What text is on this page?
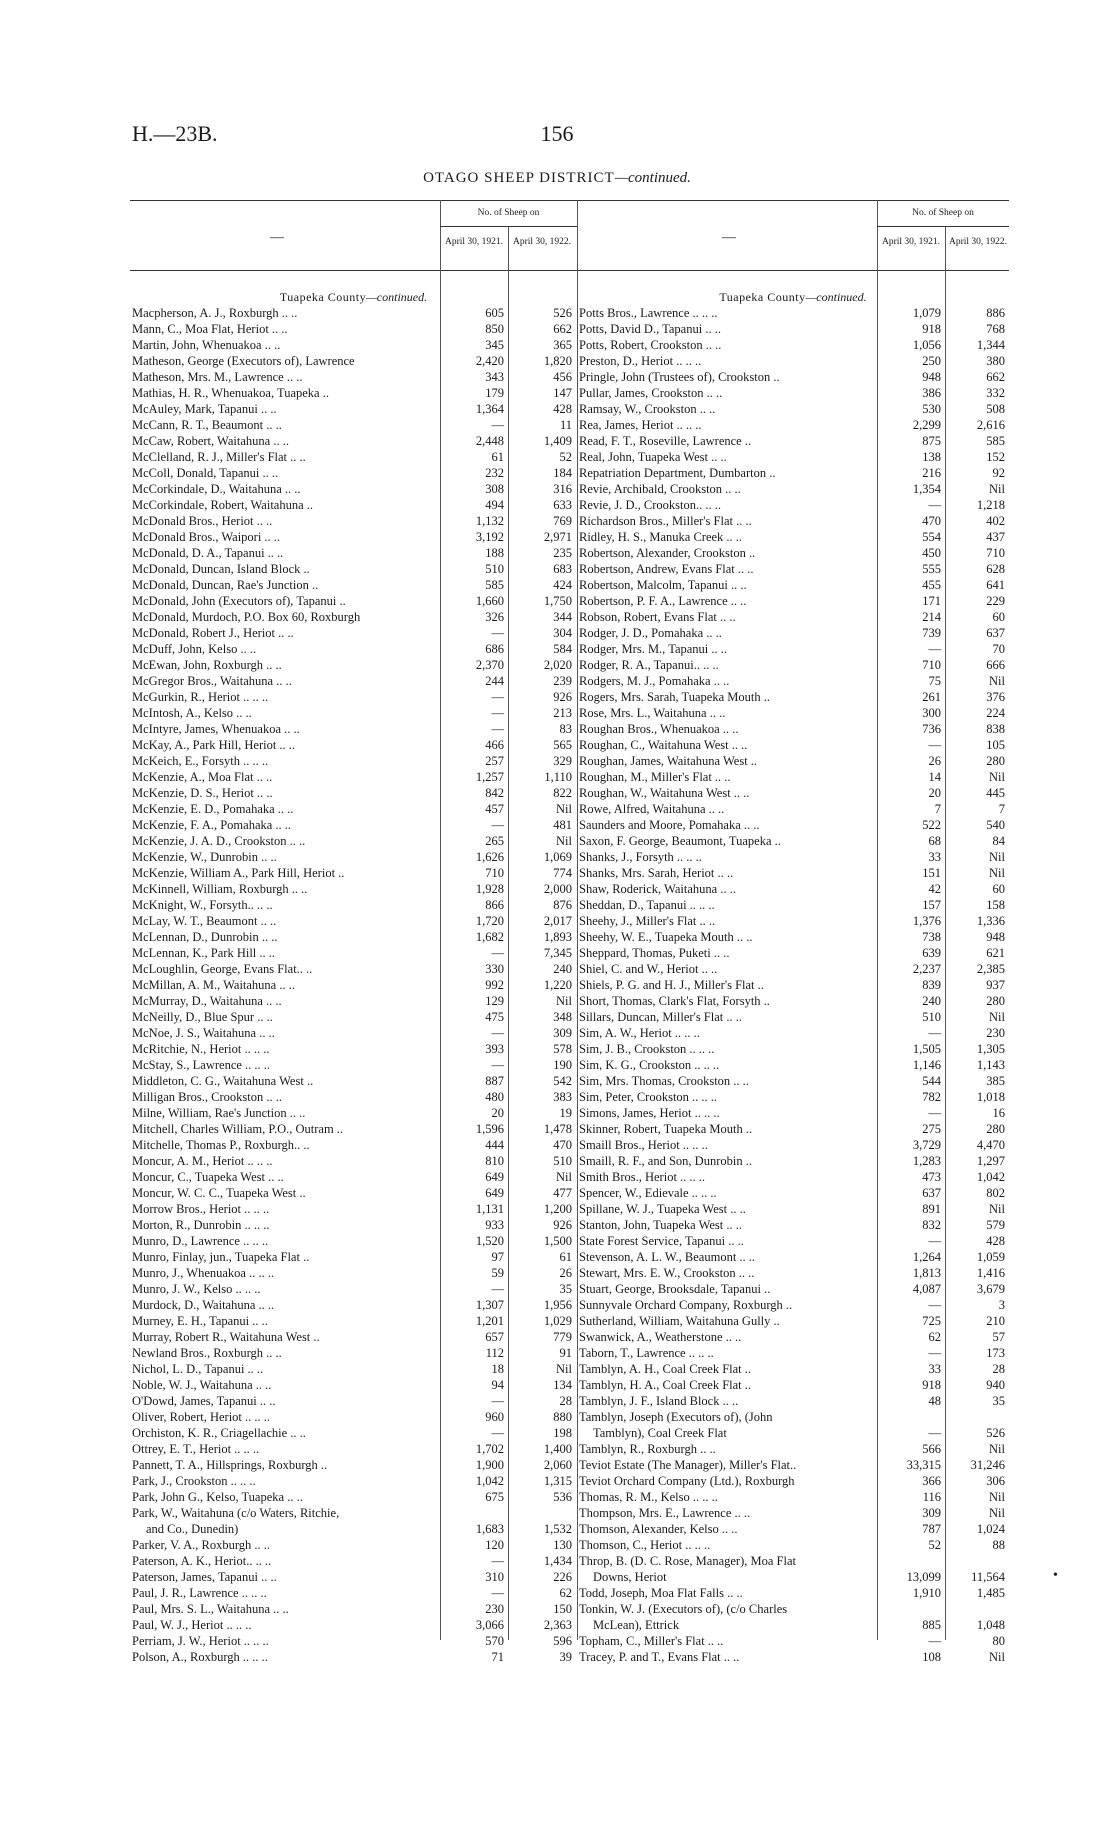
H.—23B.	156
OTAGO SHEEP DISTRICT—continued.
—
No. of Sheep on
April 30, 1921.	April 30, 1922.
Tuapeka County—continued.
Macpherson, A. J., Roxburgh .. ..	605	526
Mann, C., Moa Flat, Heriot .. ..	850	662
Martin, John, Whenuakoa .. ..	345	365
Matheson, George (Executors of), Lawrence	2,420	1,820
Matheson, Mrs. M., Lawrence .. ..	343	456
Mathias, H. R., Whenuakoa, Tuapeka ..	179	147
McAuley, Mark, Tapanui .. ..	1,364	428
McCann, R. T., Beaumont .. ..	—	11
McCaw, Robert, Waitahuna .. ..	2,448	1,409
McClelland, R. J., Miller's Flat .. ..	61	52
McColl, Donald, Tapanui .. ..	232	184
McCorkindale, D., Waitahuna .. ..	308	316
McCorkindale, Robert, Waitahuna ..	494	633
McDonald Bros., Heriot .. ..	1,132	769
McDonald Bros., Waipori .. ..	3,192	2,971
McDonald, D. A., Tapanui .. ..	188	235
McDonald, Duncan, Island Block ..	510	683
McDonald, Duncan, Rae's Junction ..	585	424
McDonald, John (Executors of), Tapanui ..	1,660	1,750
McDonald, Murdoch, P.O. Box 60, Roxburgh	326	344
McDonald, Robert J., Heriot .. ..	—	304
McDuff, John, Kelso .. ..	686	584
McEwan, John, Roxburgh .. ..	2,370	2,020
McGregor Bros., Waitahuna .. ..	244	239
McGurkin, R., Heriot .. .. ..	—	926
McIntosh, A., Kelso .. ..	—	213
McIntyre, James, Whenuakoa .. ..	—	83
McKay, A., Park Hill, Heriot .. ..	466	565
McKeich, E., Forsyth .. .. ..	257	329
McKenzie, A., Moa Flat .. ..	1,257	1,110
McKenzie, D. S., Heriot .. ..	842	822
McKenzie, E. D., Pomahaka .. ..	457	Nil
McKenzie, F. A., Pomahaka .. ..	—	481
McKenzie, J. A. D., Crookston .. ..	265	Nil
McKenzie, W., Dunrobin .. ..	1,626	1,069
McKenzie, William A., Park Hill, Heriot ..	710	774
McKinnell, William, Roxburgh .. ..	1,928	2,000
McKnight, W., Forsyth.. .. ..	866	876
McLay, W. T., Beaumont .. ..	1,720	2,017
McLennan, D., Dunrobin .. ..	1,682	1,893
McLennan, K., Park Hill .. ..	—	7,345
McLoughlin, George, Evans Flat.. ..	330	240
McMillan, A. M., Waitahuna .. ..	992	1,220
McMurray, D., Waitahuna .. ..	129	Nil
McNeilly, D., Blue Spur .. ..	475	348
McNoe, J. S., Waitahuna .. ..	—	309
McRitchie, N., Heriot .. .. ..	393	578
McStay, S., Lawrence .. .. ..	—	190
Middleton, C. G., Waitahuna West ..	887	542
Milligan Bros., Crookston .. ..	480	383
Milne, William, Rae's Junction .. ..	20	19
Mitchell, Charles William, P.O., Outram ..	1,596	1,478
Mitchelle, Thomas P., Roxburgh.. ..	444	470
Moncur, A. M., Heriot .. .. ..	810	510
Moncur, C., Tuapeka West .. ..	649	Nil
Moncur, W. C. C., Tuapeka West ..	649	477
Morrow Bros., Heriot .. .. ..	1,131	1,200
Morton, R., Dunrobin .. .. ..	933	926
Munro, D., Lawrence .. .. ..	1,520	1,500
Munro, Finlay, jun., Tuapeka Flat ..	97	61
Munro, J., Whenuakoa .. .. ..	59	26
Munro, J. W., Kelso .. .. ..	—	35
Murdock, D., Waitahuna .. ..	1,307	1,956
Murney, E. H., Tapanui .. ..	1,201	1,029
Murray, Robert R., Waitahuna West ..	657	779
Newland Bros., Roxburgh .. ..	112	91
Nichol, L. D., Tapanui .. ..	18	Nil
Noble, W. J., Waitahuna .. ..	94	134
O'Dowd, James, Tapanui .. ..	—	28
Oliver, Robert, Heriot .. .. ..	960	880
Orchiston, K. R., Criagellachie .. ..	—	198
Ottrey, E. T., Heriot .. .. ..	1,702	1,400
Pannett, T. A., Hillsprings, Roxburgh ..	1,900	2,060
Park, J., Crookston .. .. ..	1,042	1,315
Park, John G., Kelso, Tuapeka .. ..	675	536
Park, W., Waitahuna (c/o Waters, Ritchie,
and Co., Dunedin)	1,683	1,532
Parker, V. A., Roxburgh .. ..	120	130
Paterson, A. K., Heriot.. .. ..	—	1,434
Paterson, James, Tapanui .. ..	310	226
Paul, J. R., Lawrence .. .. ..	—	62
Paul, Mrs. S. L., Waitahuna .. ..	230	150
Paul, W. J., Heriot .. .. ..	3,066	2,363
Perriam, J. W., Heriot .. .. ..	570	596
Polson, A., Roxburgh .. .. ..	71	39
—
No. of Sheep on
April 30, 1921. April 30, 1922.
Tuapeka County—continued.
Potts Bros., Lawrence .. .. ..	1,079	886
Potts, David D., Tapanui .. ..	918	768
Potts, Robert, Crookston .. ..	1,056	1,344
Preston, D., Heriot .. .. ..	250	380
Pringle, John (Trustees of), Crookston ..	948	662
Pullar, James, Crookston .. ..	386	332
Ramsay, W., Crookston .. ..	530	508
Rea, James, Heriot .. .. ..	2,299	2,616
Read, F. T., Roseville, Lawrence ..	875	585
Real, John, Tuapeka West .. ..	138	152
Repatriation Department, Dumbarton ..	216	92
Revie, Archibald, Crookston .. ..	1,354	Nil
Revie, J. D., Crookston.. .. ..	—	1,218
Richardson Bros., Miller's Flat .. ..	470	402
Ridley, H. S., Manuka Creek .. ..	554	437
Robertson, Alexander, Crookston ..	450	710
Robertson, Andrew, Evans Flat .. ..	555	628
Robertson, Malcolm, Tapanui .. ..	455	641
Robertson, P. F. A., Lawrence .. ..	171	229
Robson, Robert, Evans Flat .. ..	214	60
Rodger, J. D., Pomahaka .. ..	739	637
Rodger, Mrs. M., Tapanui .. ..	—	70
Rodger, R. A., Tapanui.. .. ..	710	666
Rodgers, M. J., Pomahaka .. ..	75	Nil
Rogers, Mrs. Sarah, Tuapeka Mouth ..	261	376
Rose, Mrs. L., Waitahuna .. ..	300	224
Roughan Bros., Whenuakoa .. ..	736	838
Roughan, C., Waitahuna West .. ..	—	105
Roughan, James, Waitahuna West ..	26	280
Roughan, M., Miller's Flat .. ..	14	Nil
Roughan, W., Waitahuna West .. ..	20	445
Rowe, Alfred, Waitahuna .. ..	7	7
Saunders and Moore, Pomahaka .. ..	522	540
Saxon, F. George, Beaumont, Tuapeka ..	68	84
Shanks, J., Forsyth .. .. ..	33	Nil
Shanks, Mrs. Sarah, Heriot .. ..	151	Nil
Shaw, Roderick, Waitahuna .. ..	42	60
Sheddan, D., Tapanui .. .. ..	157	158
Sheehy, J., Miller's Flat .. ..	1,376	1,336
Sheehy, W. E., Tuapeka Mouth .. ..	738	948
Sheppard, Thomas, Puketi .. ..	639	621
Shiel, C. and W., Heriot .. ..	2,237	2,385
Shiels, P. G. and H. J., Miller's Flat ..	839	937
Short, Thomas, Clark's Flat, Forsyth ..	240	280
Sillars, Duncan, Miller's Flat .. ..	510	Nil
Sim, A. W., Heriot .. .. ..	—	230
Sim, J. B., Crookston .. .. ..	1,505	1,305
Sim, K. G., Crookston .. .. ..	1,146	1,143
Sim, Mrs. Thomas, Crookston .. ..	544	385
Sim, Peter, Crookston .. .. ..	782	1,018
Simons, James, Heriot .. .. ..	—	16
Skinner, Robert, Tuapeka Mouth ..	275	280
Smaill Bros., Heriot .. .. ..	3,729	4,470
Smaill, R. F., and Son, Dunrobin ..	1,283	1,297
Smith Bros., Heriot .. .. ..	473	1,042
Spencer, W., Edievale .. .. ..	637	802
Spillane, W. J., Tuapeka West .. ..	891	Nil
Stanton, John, Tuapeka West .. ..	832	579
State Forest Service, Tapanui .. ..	—	428
Stevenson, A. L. W., Beaumont .. ..	1,264	1,059
Stewart, Mrs. E. W., Crookston .. ..	1,813	1,416
Stuart, George, Brooksdale, Tapanui ..	4,087	3,679
Sunnyvale Orchard Company, Roxburgh ..	—	3
Sutherland, William, Waitahuna Gully ..	725	210
Swanwick, A., Weatherstone .. ..	62	57
Taborn, T., Lawrence .. .. ..	—	173
Tamblyn, A. H., Coal Creek Flat ..	33	28
Tamblyn, H. A., Coal Creek Flat ..	918	940
Tamblyn, J. F., Island Block .. ..	48	35
Tamblyn, Joseph (Executors of), (John
Tamblyn), Coal Creek Flat	—	526
Tamblyn, R., Roxburgh .. ..	566	Nil
Teviot Estate (The Manager), Miller's Flat..	33,315 31,246
Teviot Orchard Company (Ltd.), Roxburgh	366	306
Thomas, R. M., Kelso .. .. ..	116	Nil
Thompson, Mrs. E., Lawrence .. ..	309	Nil
Thomson, Alexander, Kelso .. ..	787	1,024
Thomson, C., Heriot .. .. ..	52	88
Throp, B. (D. C. Rose, Manager), Moa Flat
Downs, Heriot	13,099 11,564
Todd, Joseph, Moa Flat Falls .. ..	1,910	1,485
Tonkin, W. J. (Executors of), (c/o Charles
McLean), Ettrick	885	1,048
Topham, C., Miller's Flat .. ..	—	80
Tracey, P. and T., Evans Flat .. ..	108	Nil
•
